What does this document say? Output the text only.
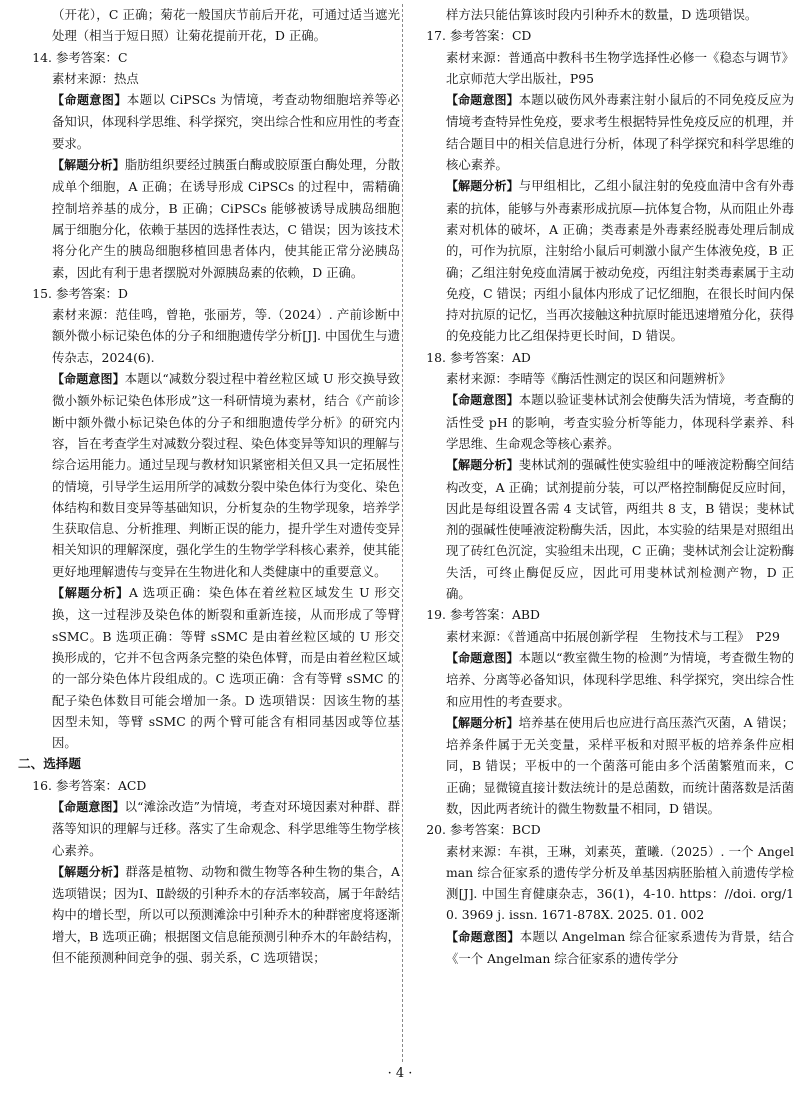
（开花），C 正确；菊花一般国庆节前后开花，可通过适当遮光处理（相当于短日照）让菊花提前开花，D 正确。
14. 参考答案：C
素材来源：热点
【命题意图】本题以 CiPSCs 为情境，考查动物细胞培养等必备知识，体现科学思维、科学探究，突出综合性和应用性的考查要求。
【解题分析】脂肪组织要经过胰蛋白酶或胶原蛋白酶处理，分散成单个细胞，A 正确；在诱导形成 CiPSCs 的过程中，需精确控制培养基的成分，B 正确；CiPSCs 能够被诱导成胰岛细胞属于细胞分化，依赖于基因的选择性表达，C 错误；因为该技术将分化产生的胰岛细胞移植回患者体内，使其能正常分泌胰岛素，因此有利于患者摆脱对外源胰岛素的依赖，D 正确。
15. 参考答案：D
素材来源：范佳鸣，曾艳，张丽芳，等.（2024）. 产前诊断中额外微小标记染色体的分子和细胞遗传学分析[J]. 中国优生与遗传杂志，2024(6).
【命题意图】本题以“减数分裂过程中着丝粒区域 U 形交换导致微小额外标记染色体形成”这一科研情境为素材，结合《产前诊断中额外微小标记染色体的分子和细胞遗传学分析》的研究内容，旨在考查学生对减数分裂过程、染色体变异等知识的理解与综合运用能力。通过呈现与教材知识紧密相关但又具一定拓展性的情境，引导学生运用所学的减数分裂中染色体行为变化、染色体结构和数目变异等基础知识，分析复杂的生物学现象，培养学生获取信息、分析推理、判断正误的能力，提升学生对遗传变异相关知识的理解深度，强化学生的生物学学科核心素养，使其能更好地理解遗传与变异在生物进化和人类健康中的重要意义。
【解题分析】A 选项正确：染色体在着丝粒区域发生 U 形交换，这一过程涉及染色体的断裂和重新连接，从而形成了等臂 sSMC。B 选项正确：等臂 sSMC 是由着丝粒区域的 U 形交换形成的，它并不包含两条完整的染色体臂，而是由着丝粒区域的一部分染色体片段组成的。C 选项正确：含有等臂 sSMC 的配子染色体数目可能会增加一条。D 选项错误：因该生物的基因型未知，等臂 sSMC 的两个臂可能含有相同基因或等位基因。
二、选择题
16. 参考答案：ACD
【命题意图】以“滩涂改造”为情境，考查对环境因素对种群、群落等知识的理解与迁移。落实了生命观念、科学思维等生物学核心素养。
【解题分析】群落是植物、动物和微生物等各种生物的集合，A 选项错误；因为Ⅰ、Ⅱ龄级的引种乔木的存活率较高，属于年龄结构中的增长型，所以可以预测滩涂中引种乔木的种群密度将逐渐增大，B 选项正确；根据图文信息能预测引种乔木的年龄结构，但不能预测种间竞争的强、弱关系，C 选项错误；
样方法只能估算该时段内引种乔木的数量，D 选项错误。
17. 参考答案：CD
素材来源：普通高中教科书生物学选择性必修一《稳态与调节》北京师范大学出版社，P95
【命题意图】本题以破伤风外毒素注射小鼠后的不同免疫反应为情境考查特异性免疫，要求考生根据特异性免疫反应的机理，并结合题目中的相关信息进行分析，体现了科学探究和科学思维的核心素养。
【解题分析】与甲组相比，乙组小鼠注射的免疫血清中含有外毒素的抗体，能够与外毒素形成抗原—抗体复合物，从而阻止外毒素对机体的破坏，A 正确；类毒素是外毒素经脱毒处理后制成的，可作为抗原，注射给小鼠后可刺激小鼠产生体液免疫，B 正确；乙组注射免疫血清属于被动免疫，丙组注射类毒素属于主动免疫，C 错误；丙组小鼠体内形成了记忆细胞，在很长时间内保持对抗原的记忆，当再次接触这种抗原时能迅速增殖分化，获得的免疫能力比乙组保持更长时间，D 错误。
18. 参考答案：AD
素材来源：李晴等《酶活性测定的误区和问题辨析》
【命题意图】本题以验证斐林试剂会使酶失活为情境，考查酶的活性受 pH 的影响，考查实验分析等能力，体现科学素养、科学思维、生命观念等核心素养。
【解题分析】斐林试剂的强碱性使实验组中的唾液淀粉酶空间结构改变，A 正确；试剂提前分装，可以严格控制酶促反应时间，因此是每组设置各需 4 支试管，两组共 8 支，B 错误；斐林试剂的强碱性使唾液淀粉酶失活，因此，本实验的结果是对照组出现了砖红色沉淀，实验组未出现，C 正确；斐林试剂会让淀粉酶失活，可终止酶促反应，因此可用斐林试剂检测产物，D 正确。
19. 参考答案：ABD
素材来源：《普通高中拓展创新学程　生物技术与工程》　P29
【命题意图】本题以“教室微生物的检测”为情境，考查微生物的培养、分离等必备知识，体现科学思维、科学探究，突出综合性和应用性的考查要求。
【解题分析】培养基在使用后也应进行高压蒸汽灭菌，A 错误；培养条件属于无关变量，采样平板和对照平板的培养条件应相同，B 错误；平板中的一个菌落可能由多个活菌繁殖而来，C 正确；显微镜直接计数法统计的是总菌数，而统计菌落数是活菌数，因此两者统计的微生物数量不相同，D 错误。
20. 参考答案：BCD
素材来源：车祺，王琳，刘素英，董曦.（2025）. 一个 Angelman 综合征家系的遗传学分析及单基因病胚胎植入前遗传学检测[J]. 中国生育健康杂志，36(1)，4-10. https：//doi. org/10. 3969 j. issn. 1671-878X. 2025. 01. 002
【命题意图】本题以 Angelman 综合征家系遗传为背景，结合《一个 Angelman 综合征家系的遗传学分
· 4 ·
